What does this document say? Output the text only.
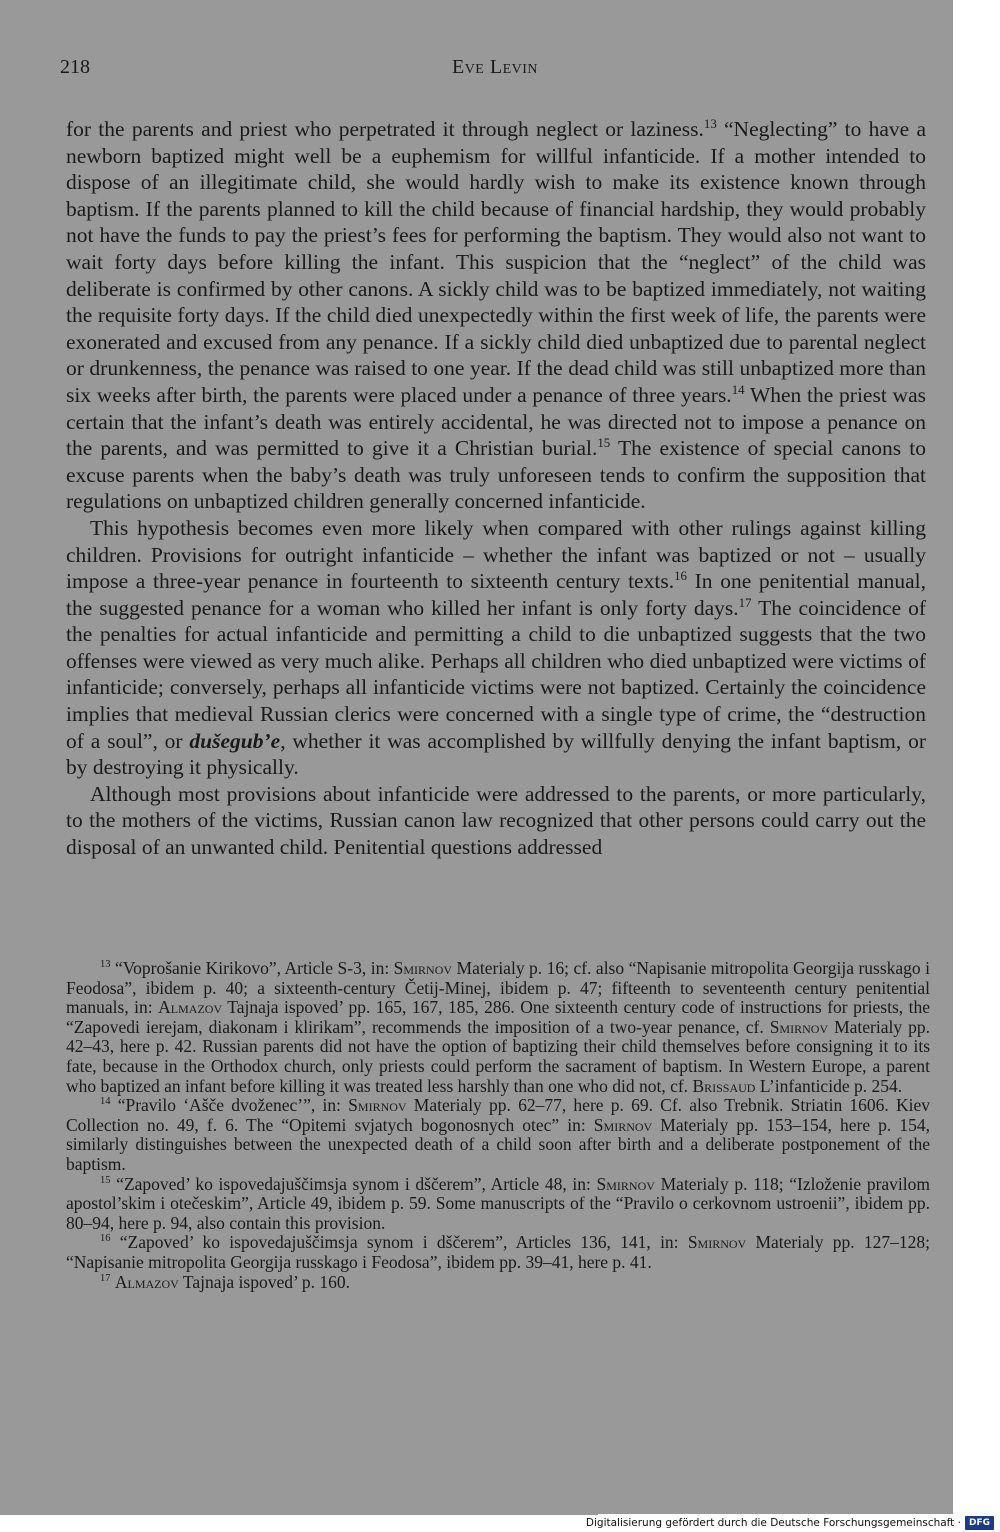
218	Eve Levin

for the parents and priest who perpetrated it through neglect or laziness.$^{13}$ “Neglecting” to have a newborn baptized might well be a euphemism for willful infanticide. If a mother intended to dispose of an illegitimate child, she would hardly wish to make its existence known through baptism. If the parents planned to kill the child because of financial hardship, they would probably not have the funds to pay the priest’s fees for performing the baptism. They would also not want to wait forty days before killing the infant. This suspicion that the “neglect” of the child was deliberate is confirmed by other canons. A sickly child was to be baptized immediately, not waiting the requisite forty days. If the child died unexpectedly within the first week of life, the parents were exonerated and excused from any penance. If a sickly child died unbaptized due to parental neglect or drunkenness, the penance was raised to one year. If the dead child was still unbaptized more than six weeks after birth, the parents were placed under a penance of three years.$^{14}$ When the priest was certain that the infant’s death was entirely accidental, he was directed not to impose a penance on the parents, and was permitted to give it a Christian burial.$^{15}$ The existence of special canons to excuse parents when the baby’s death was truly unforeseen tends to confirm the supposition that regulations on unbaptized children generally concerned infanticide.

This hypothesis becomes even more likely when compared with other rulings against killing children. Provisions for outright infanticide – whether the infant was baptized or not – usually impose a three-year penance in fourteenth to sixteenth century texts.$^{16}$ In one penitential manual, the suggested penance for a woman who killed her infant is only forty days.$^{17}$ The coincidence of the penalties for actual infanticide and permitting a child to die unbaptized suggests that the two offenses were viewed as very much alike. Perhaps all children who died unbaptized were victims of infanticide; conversely, perhaps all infanticide victims were not baptized. Certainly the coincidence implies that medieval Russian clerics were concerned with a single type of crime, the “destruction of a soul”, or dušegub’e, whether it was accomplished by willfully denying the infant baptism, or by destroying it physically.

Although most provisions about infanticide were addressed to the parents, or more particularly, to the mothers of the victims, Russian canon law recognized that other persons could carry out the disposal of an unwanted child. Penitential questions addressed

$^{13}$ “Voprošanie Kirikovo”, Article S-3, in: Smirnov Materialy p. 16; cf. also “Napisanie mitropolita Georgija russkago i Feodosa”, ibidem p. 40; a sixteenth-century Četij-Minej, ibidem p. 47; fifteenth to seventeenth century penitential manuals, in: Almazov Tajnaja ispoved’ pp. 165, 167, 185, 286. One sixteenth century code of instructions for priests, the “Zapovedi ierejam, diakonam i klirikam”, recommends the imposition of a two-year penance, cf. Smirnov Materialy pp. 42–43, here p. 42. Russian parents did not have the option of baptizing their child themselves before consigning it to its fate, because in the Orthodox church, only priests could perform the sacrament of baptism. In Western Europe, a parent who baptized an infant before killing it was treated less harshly than one who did not, cf. Brissaud L’infanticide p. 254.

$^{14}$ “Pravilo ‘Ašče dvoženec’”, in: Smirnov Materialy pp. 62–77, here p. 69. Cf. also Trebnik. Striatin 1606. Kiev Collection no. 49, f. 6. The “Opitemi svjatych bogonosnych otec” in: Smirnov Materialy pp. 153–154, here p. 154, similarly distinguishes between the unexpected death of a child soon after birth and a deliberate postponement of the baptism.

$^{15}$ “Zapoved’ ko ispovedajuščimsja synom i dščerem”, Article 48, in: Smirnov Materialy p. 118; “Izloženie pravilom apostol’skim i otečeskim”, Article 49, ibidem p. 59. Some manuscripts of the “Pravilo o cerkovnom ustroenii”, ibidem pp. 80–94, here p. 94, also contain this provision.

$^{16}$ “Zapoved’ ko ispovedajuščimsja synom i dščerem”, Articles 136, 141, in: Smirnov Materialy pp. 127–128; “Napisanie mitropolita Georgija russkago i Feodosa”, ibidem pp. 39–41, here p. 41.

$^{17}$ Almazov Tajnaja ispoved’ p. 160.

Digitalisierung gefördert durch die Deutsche Forschungsgemeinschaft · DFG
